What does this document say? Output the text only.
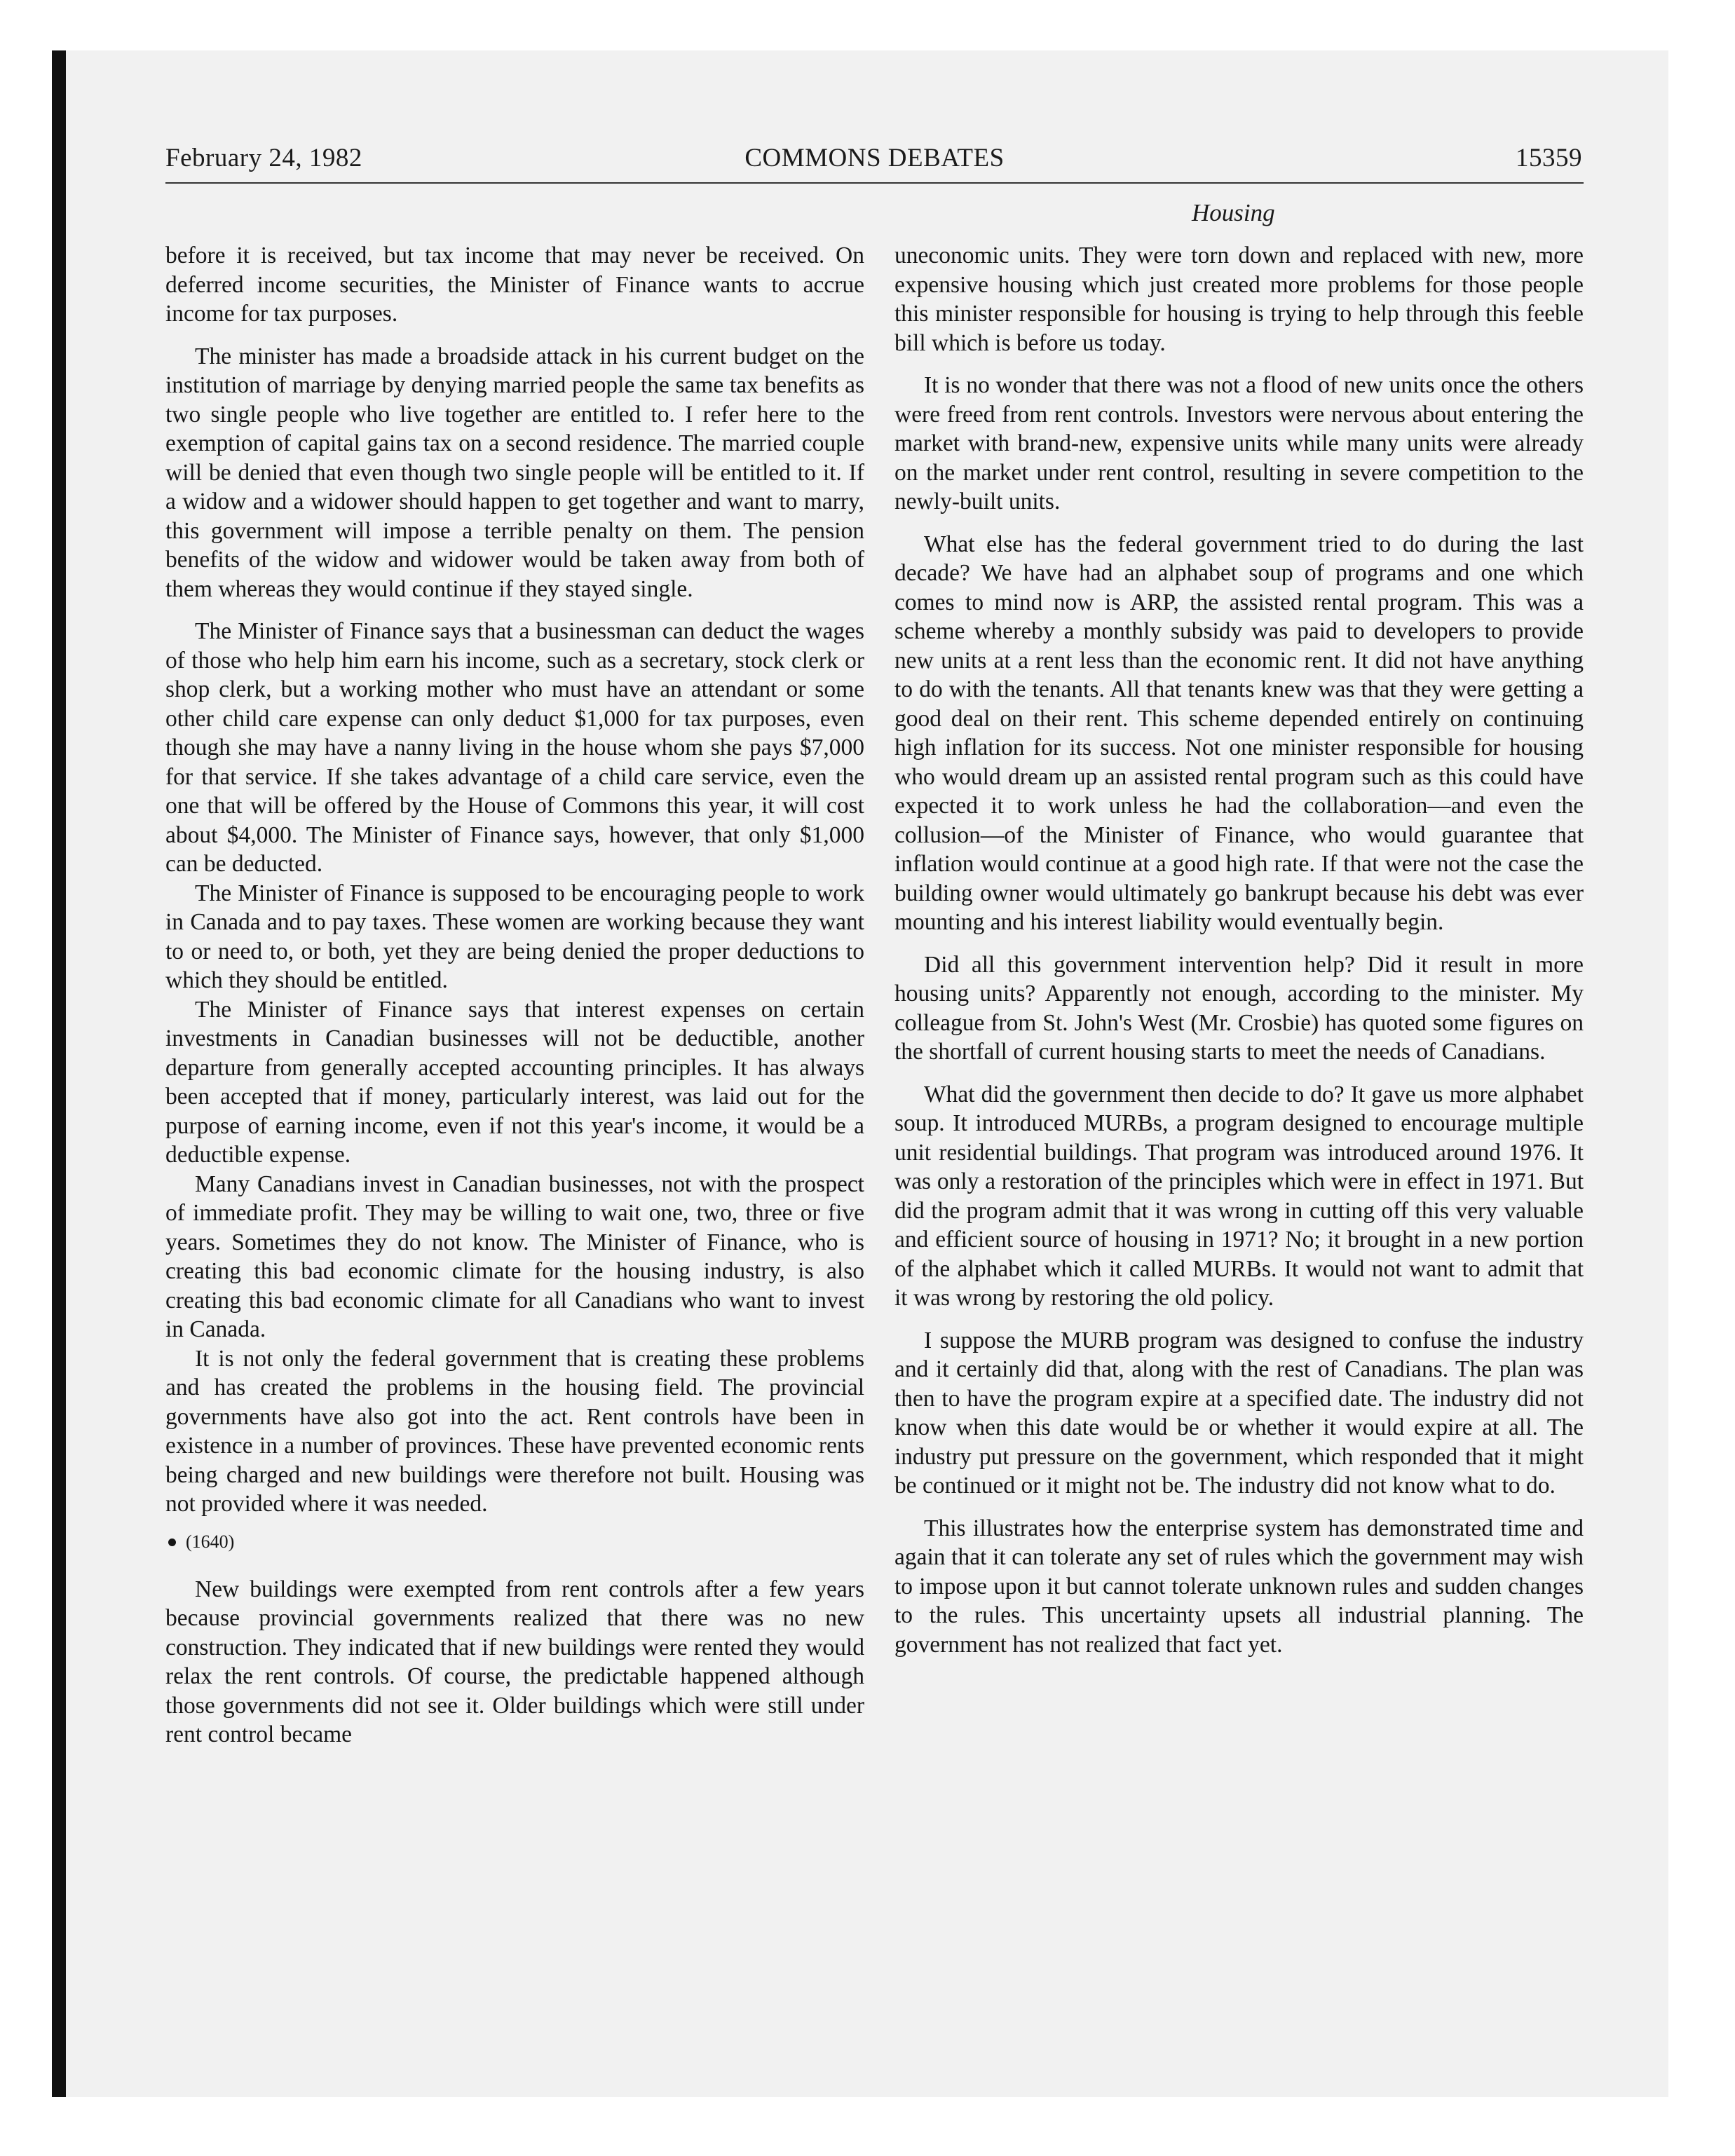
February 24, 1982	COMMONS DEBATES	15359
Housing

before it is received, but tax income that may never be received. On deferred income securities, the Minister of Finance wants to accrue income for tax purposes.

The minister has made a broadside attack in his current budget on the institution of marriage by denying married people the same tax benefits as two single people who live together are entitled to. I refer here to the exemption of capital gains tax on a second residence. The married couple will be denied that even though two single people will be entitled to it. If a widow and a widower should happen to get together and want to marry, this government will impose a terrible penalty on them. The pension benefits of the widow and widower would be taken away from both of them whereas they would continue if they stayed single.

The Minister of Finance says that a businessman can deduct the wages of those who help him earn his income, such as a secretary, stock clerk or shop clerk, but a working mother who must have an attendant or some other child care expense can only deduct $1,000 for tax purposes, even though she may have a nanny living in the house whom she pays $7,000 for that service. If she takes advantage of a child care service, even the one that will be offered by the House of Commons this year, it will cost about $4,000. The Minister of Finance says, however, that only $1,000 can be deducted.

The Minister of Finance is supposed to be encouraging people to work in Canada and to pay taxes. These women are working because they want to or need to, or both, yet they are being denied the proper deductions to which they should be entitled.

The Minister of Finance says that interest expenses on certain investments in Canadian businesses will not be deductible, another departure from generally accepted accounting principles. It has always been accepted that if money, particularly interest, was laid out for the purpose of earning income, even if not this year's income, it would be a deductible expense.

Many Canadians invest in Canadian businesses, not with the prospect of immediate profit. They may be willing to wait one, two, three or five years. Sometimes they do not know. The Minister of Finance, who is creating this bad economic climate for the housing industry, is also creating this bad economic climate for all Canadians who want to invest in Canada.

It is not only the federal government that is creating these problems and has created the problems in the housing field. The provincial governments have also got into the act. Rent controls have been in existence in a number of provinces. These have prevented economic rents being charged and new buildings were therefore not built. Housing was not provided where it was needed.

(1640)

New buildings were exempted from rent controls after a few years because provincial governments realized that there was no new construction. They indicated that if new buildings were rented they would relax the rent controls. Of course, the predictable happened although those governments did not see it. Older buildings which were still under rent control became

uneconomic units. They were torn down and replaced with new, more expensive housing which just created more problems for those people this minister responsible for housing is trying to help through this feeble bill which is before us today.

It is no wonder that there was not a flood of new units once the others were freed from rent controls. Investors were nervous about entering the market with brand-new, expensive units while many units were already on the market under rent control, resulting in severe competition to the newly-built units.

What else has the federal government tried to do during the last decade? We have had an alphabet soup of programs and one which comes to mind now is ARP, the assisted rental program. This was a scheme whereby a monthly subsidy was paid to developers to provide new units at a rent less than the economic rent. It did not have anything to do with the tenants. All that tenants knew was that they were getting a good deal on their rent. This scheme depended entirely on continuing high inflation for its success. Not one minister responsible for housing who would dream up an assisted rental program such as this could have expected it to work unless he had the collaboration—and even the collusion—of the Minister of Finance, who would guarantee that inflation would continue at a good high rate. If that were not the case the building owner would ultimately go bankrupt because his debt was ever mounting and his interest liability would eventually begin.

Did all this government intervention help? Did it result in more housing units? Apparently not enough, according to the minister. My colleague from St. John's West (Mr. Crosbie) has quoted some figures on the shortfall of current housing starts to meet the needs of Canadians.

What did the government then decide to do? It gave us more alphabet soup. It introduced MURBs, a program designed to encourage multiple unit residential buildings. That program was introduced around 1976. It was only a restoration of the principles which were in effect in 1971. But did the program admit that it was wrong in cutting off this very valuable and efficient source of housing in 1971? No; it brought in a new portion of the alphabet which it called MURBs. It would not want to admit that it was wrong by restoring the old policy.

I suppose the MURB program was designed to confuse the industry and it certainly did that, along with the rest of Canadians. The plan was then to have the program expire at a specified date. The industry did not know when this date would be or whether it would expire at all. The industry put pressure on the government, which responded that it might be continued or it might not be. The industry did not know what to do.

This illustrates how the enterprise system has demonstrated time and again that it can tolerate any set of rules which the government may wish to impose upon it but cannot tolerate unknown rules and sudden changes to the rules. This uncertainty upsets all industrial planning. The government has not realized that fact yet.
